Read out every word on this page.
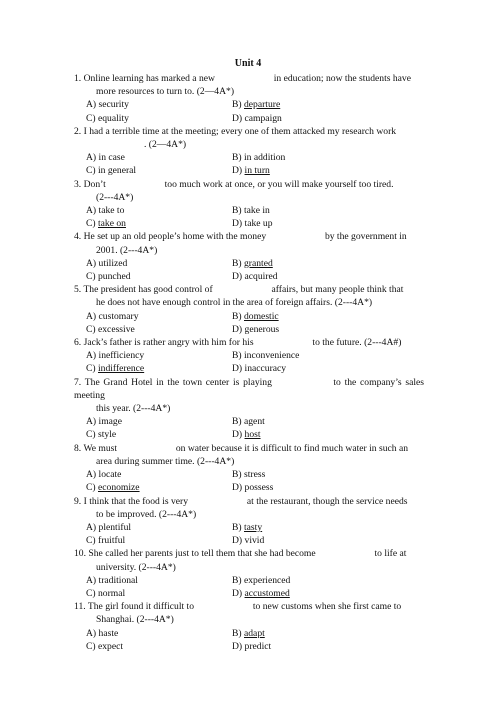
Unit 4
1. Online learning has marked a new	in education; now the students have
more resources to turn to. (2—4A*)
A) security	B) departure
C) equality	D) campaign
2. I had a terrible time at the meeting; every one of them attacked my research work
. (2—4A*)
A) in case	B) in addition
C) in general	D) in turn
3. Don’t	too much work at once, or you will make yourself too tired.
(2---4A*)
A) take to	B) take in
C) take on	D) take up
4. He set up an old people’s home with the money	by the government in
2001. (2---4A*)
A) utilized	B) granted
C) punched	D) acquired
5. The president has good control of	affairs, but many people think that
he does not have enough control in the area of foreign affairs. (2---4A*)
A) customary	B) domestic
C) excessive	D) generous
6. Jack’s father is rather angry with him for his	to the future. (2---4A#)
A) inefficiency	B) inconvenience
C) indifference	D) inaccuracy
7. The Grand Hotel in the town center is playing	to the company’s sales meeting
this year. (2---4A*)
A) image	B) agent
C) style	D) host
8. We must	on water because it is difficult to find much water in such an
area during summer time. (2---4A*)
A) locate	B) stress
C) economize	D) possess
9. I think that the food is very	at the restaurant, though the service needs
to be improved. (2---4A*)
A) plentiful	B) tasty
C) fruitful	D) vivid
10. She called her parents just to tell them that she had become	to life at
university. (2---4A*)
A) traditional	B) experienced
C) normal	D) accustomed
11. The girl found it difficult to	to new customs when she first came to
Shanghai. (2---4A*)
A) haste	B) adapt
C) expect	D) predict
